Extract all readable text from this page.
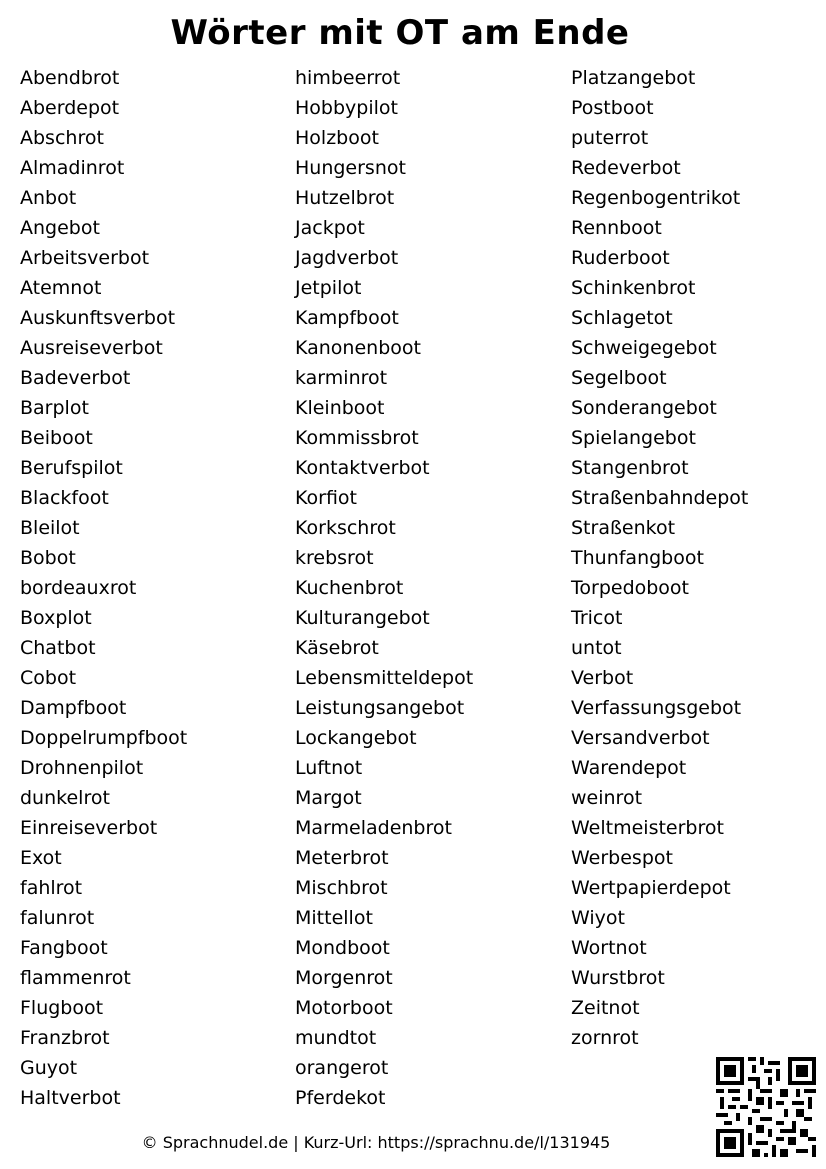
Wörter mit OT am Ende
Abendbrot
Aberdepot
Abschrot
Almadinrot
Anbot
Angebot
Arbeitsverbot
Atemnot
Auskunftsverbot
Ausreiseverbot
Badeverbot
Barplot
Beiboot
Berufspilot
Blackfoot
Bleilot
Bobot
bordeauxrot
Boxplot
Chatbot
Cobot
Dampfboot
Doppelrumpfboot
Drohnenpilot
dunkelrot
Einreiseverbot
Exot
fahlrot
falunrot
Fangboot
flammenrot
Flugboot
Franzbrot
Guyot
Haltverbot
himbeerrot
Hobbypilot
Holzboot
Hungersnot
Hutzelbrot
Jackpot
Jagdverbot
Jetpilot
Kampfboot
Kanonenboot
karminrot
Kleinboot
Kommissbrot
Kontaktverbot
Korfiot
Korkschrot
krebsrot
Kuchenbrot
Kulturangebot
Käsebrot
Lebensmitteldepot
Leistungsangebot
Lockangebot
Luftnot
Margot
Marmeladenbrot
Meterbrot
Mischbrot
Mittellot
Mondboot
Morgenrot
Motorboot
mundtot
orangerot
Pferdekot
Platzangebot
Postboot
puterrot
Redeverbot
Regenbogentrikot
Rennboot
Ruderboot
Schinkenbrot
Schlagetot
Schweigegebot
Segelboot
Sonderangebot
Spielangebot
Stangenbrot
Straßenbahndepot
Straßenkot
Thunfangboot
Torpedoboot
Tricot
untot
Verbot
Verfassungsgebot
Versandverbot
Warendepot
weinrot
Weltmeisterbrot
Werbespot
Wertpapierdepot
Wiyot
Wortnot
Wurstbrot
Zeitnot
zornrot
© Sprachnudel.de | Kurz-Url: https://sprachnu.de/l/131945
